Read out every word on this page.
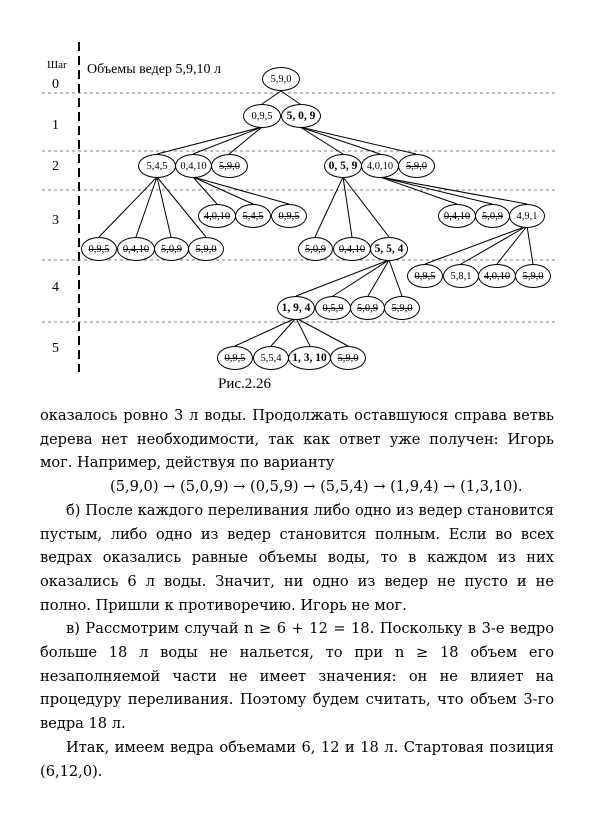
Шаг Объемы ведер 5,9,10 л
0
1
2
3
4
5
5,9,0
0,9,5 5, 0, 9
5,4,5 0,4,10 5,9,0	0, 5, 9 4,0,10 5,9,0
4,0,10 5,4,5 0,9,5	0,4,10 5,0,9 4,9,1
0,9,5 0,4,10 5,0,9 5,9,0	5,0,9 0,4,10 5, 5, 4
0,9,5 5,8,1 4,0,10 5,9,0
1, 9, 4 0,5,9 5,0,9 5,9,0
0,9,5 5,5,4 1, 3, 10 5,9,0
Рис.2.26

оказалось ровно 3 л воды. Продолжать оставшуюся справа ветвь дерева нет необходимости, так как ответ уже получен: Игорь мог. Например, действуя по варианту

(5,9,0) → (5,0,9) → (0,5,9) → (5,5,4) → (1,9,4) → (1,3,10).

б) После каждого переливания либо одно из ведер становится пустым, либо одно из ведер становится полным. Если во всех ведрах оказались равные объемы воды, то в каждом из них оказались 6 л воды. Значит, ни одно из ведер не пусто и не полно. Пришли к противоречию. Игорь не мог.

в) Рассмотрим случай n ≥ 6 + 12 = 18. Поскольку в 3-е ведро больше 18 л воды не нальется, то при n ≥ 18 объем его незаполняемой части не имеет значения: он не влияет на процедуру переливания. Поэтому будем считать, что объем 3-го ведра 18 л.

Итак, имеем ведра объемами 6, 12 и 18 л. Стартовая позиция (6,12,0).
